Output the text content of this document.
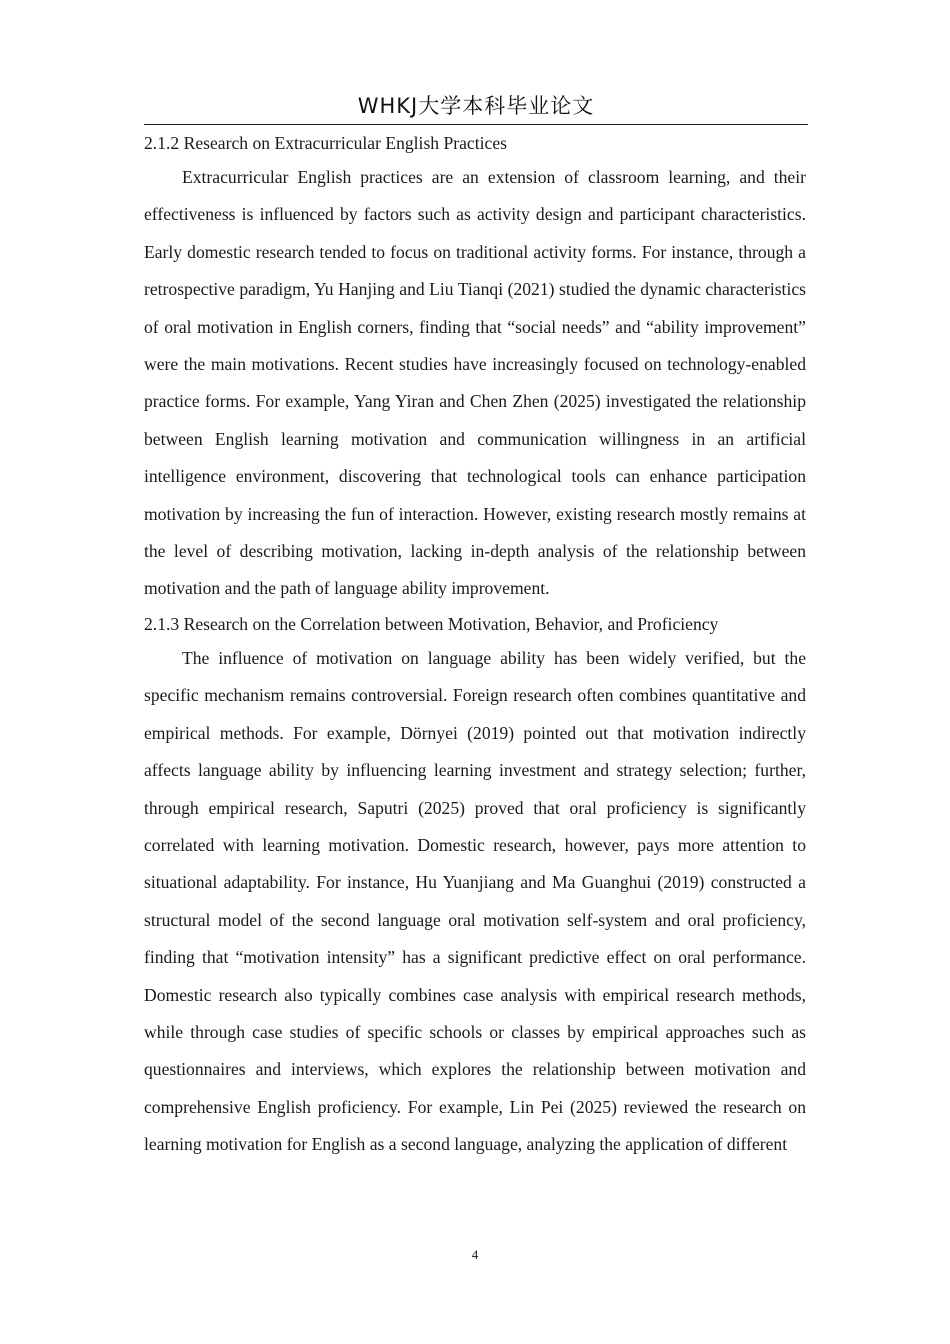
WHKJ大学本科毕业论文
2.1.2 Research on Extracurricular English Practices

Extracurricular English practices are an extension of classroom learning, and their effectiveness is influenced by factors such as activity design and participant characteristics. Early domestic research tended to focus on traditional activity forms. For instance, through a retrospective paradigm, Yu Hanjing and Liu Tianqi (2021) studied the dynamic characteristics of oral motivation in English corners, finding that “social needs” and “ability improvement” were the main motivations. Recent studies have increasingly focused on technology-enabled practice forms. For example, Yang Yiran and Chen Zhen (2025) investigated the relationship between English learning motivation and communication willingness in an artificial intelligence environment, discovering that technological tools can enhance participation motivation by increasing the fun of interaction. However, existing research mostly remains at the level of describing motivation, lacking in-depth analysis of the relationship between motivation and the path of language ability improvement.

2.1.3 Research on the Correlation between Motivation, Behavior, and Proficiency

The influence of motivation on language ability has been widely verified, but the specific mechanism remains controversial. Foreign research often combines quantitative and empirical methods. For example, Dörnyei (2019) pointed out that motivation indirectly affects language ability by influencing learning investment and strategy selection; further, through empirical research, Saputri (2025) proved that oral proficiency is significantly correlated with learning motivation. Domestic research, however, pays more attention to situational adaptability. For instance, Hu Yuanjiang and Ma Guanghui (2019) constructed a structural model of the second language oral motivation self-system and oral proficiency, finding that “motivation intensity” has a significant predictive effect on oral performance. Domestic research also typically combines case analysis with empirical research methods, while through case studies of specific schools or classes by empirical approaches such as questionnaires and interviews, which explores the relationship between motivation and comprehensive English proficiency. For example, Lin Pei (2025) reviewed the research on learning motivation for English as a second language, analyzing the application of different

4
